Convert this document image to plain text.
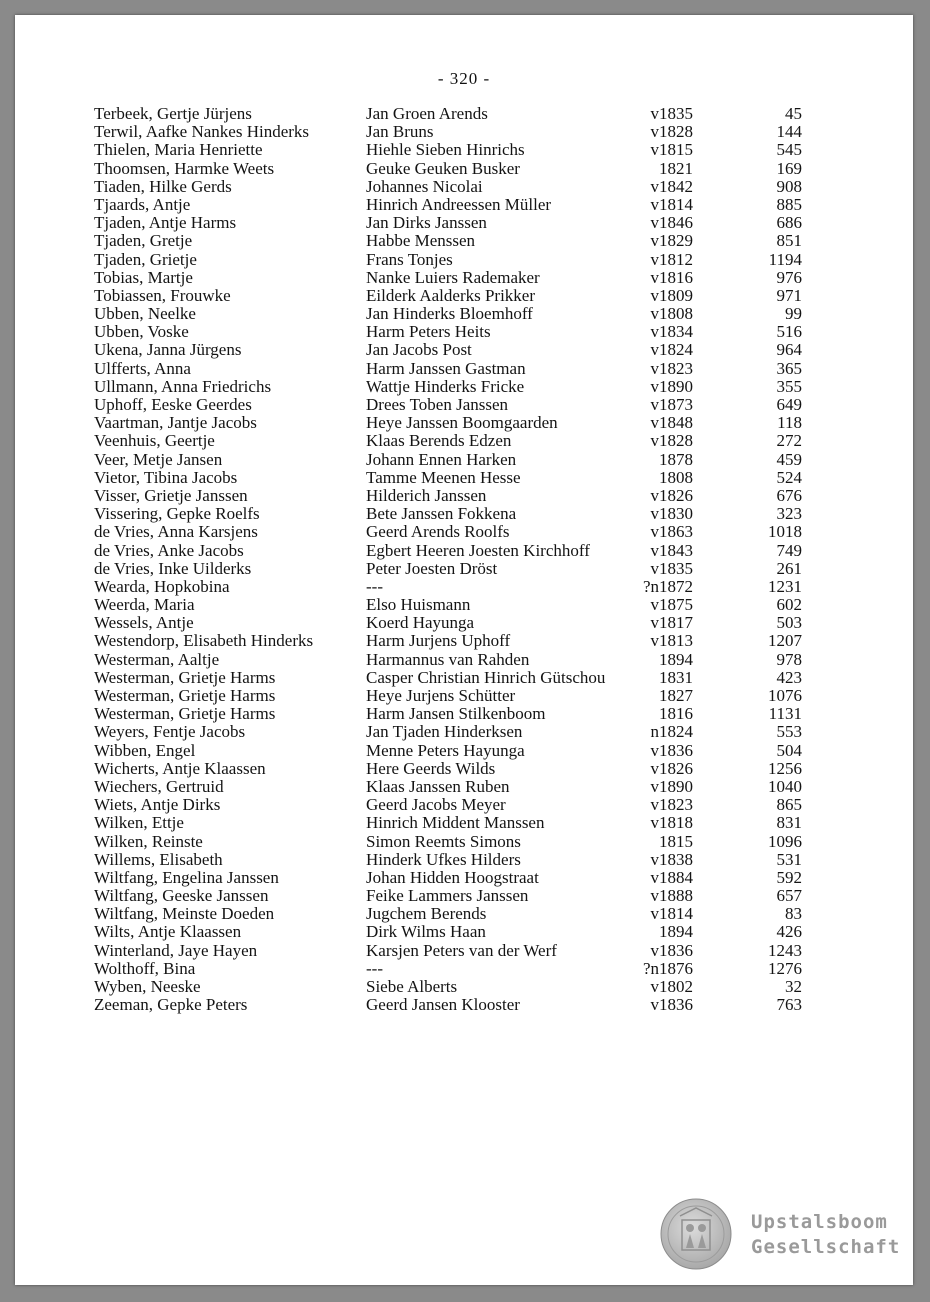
- 320 -
Terbeek, Gertje Jürjens	Jan Groen Arends	v1835	45
Terwil, Aafke Nankes Hinderks	Jan Bruns	v1828	144
Thielen, Maria Henriette	Hiehle Sieben Hinrichs	v1815	545
Thoomsen, Harmke Weets	Geuke Geuken Busker	1821	169
Tiaden, Hilke Gerds	Johannes Nicolai	v1842	908
Tjaards, Antje	Hinrich Andreessen Müller	v1814	885
Tjaden, Antje Harms	Jan Dirks Janssen	v1846	686
Tjaden, Gretje	Habbe Menssen	v1829	851
Tjaden, Grietje	Frans Tonjes	v1812	1194
Tobias, Martje	Nanke Luiers Rademaker	v1816	976
Tobiassen, Frouwke	Eilderk Aalderks Prikker	v1809	971
Ubben, Neelke	Jan Hinderks Bloemhoff	v1808	99
Ubben, Voske	Harm Peters Heits	v1834	516
Ukena, Janna Jürgens	Jan Jacobs Post	v1824	964
Ulfferts, Anna	Harm Janssen Gastman	v1823	365
Ullmann, Anna Friedrichs	Wattje Hinderks Fricke	v1890	355
Uphoff, Eeske Geerdes	Drees Toben Janssen	v1873	649
Vaartman, Jantje Jacobs	Heye Janssen Boomgaarden	v1848	118
Veenhuis, Geertje	Klaas Berends Edzen	v1828	272
Veer, Metje Jansen	Johann Ennen Harken	1878	459
Vietor, Tibina Jacobs	Tamme Meenen Hesse	1808	524
Visser, Grietje Janssen	Hilderich Janssen	v1826	676
Vissering, Gepke Roelfs	Bete Janssen Fokkena	v1830	323
de Vries, Anna Karsjens	Geerd Arends Roolfs	v1863	1018
de Vries, Anke Jacobs	Egbert Heeren Joesten Kirchhoff	v1843	749
de Vries, Inke Uilderks	Peter Joesten Dröst	v1835	261
Wearda, Hopkobina	---	?n1872	1231
Weerda, Maria	Elso Huismann	v1875	602
Wessels, Antje	Koerd Hayunga	v1817	503
Westendorp, Elisabeth Hinderks	Harm Jurjens Uphoff	v1813	1207
Westerman, Aaltje	Harmannus van Rahden	1894	978
Westerman, Grietje Harms	Casper Christian Hinrich Gütschou	1831	423
Westerman, Grietje Harms	Heye Jurjens Schütter	1827	1076
Westerman, Grietje Harms	Harm Jansen Stilkenboom	1816	1131
Weyers, Fentje Jacobs	Jan Tjaden Hinderksen	n1824	553
Wibben, Engel	Menne Peters Hayunga	v1836	504
Wicherts, Antje Klaassen	Here Geerds Wilds	v1826	1256
Wiechers, Gertruid	Klaas Janssen Ruben	v1890	1040
Wiets, Antje Dirks	Geerd Jacobs Meyer	v1823	865
Wilken, Ettje	Hinrich Middent Manssen	v1818	831
Wilken, Reinste	Simon Reemts Simons	1815	1096
Willems, Elisabeth	Hinderk Ufkes Hilders	v1838	531
Wiltfang, Engelina Janssen	Johan Hidden Hoogstraat	v1884	592
Wiltfang, Geeske Janssen	Feike Lammers Janssen	v1888	657
Wiltfang, Meinste Doeden	Jugchem Berends	v1814	83
Wilts, Antje Klaassen	Dirk Wilms Haan	1894	426
Winterland, Jaye Hayen	Karsjen Peters van der Werf	v1836	1243
Wolthoff, Bina	---	?n1876	1276
Wyben, Neeske	Siebe Alberts	v1802	32
Zeeman, Gepke Peters	Geerd Jansen Klooster	v1836	763
Upstalsboom
Gesellschaft
